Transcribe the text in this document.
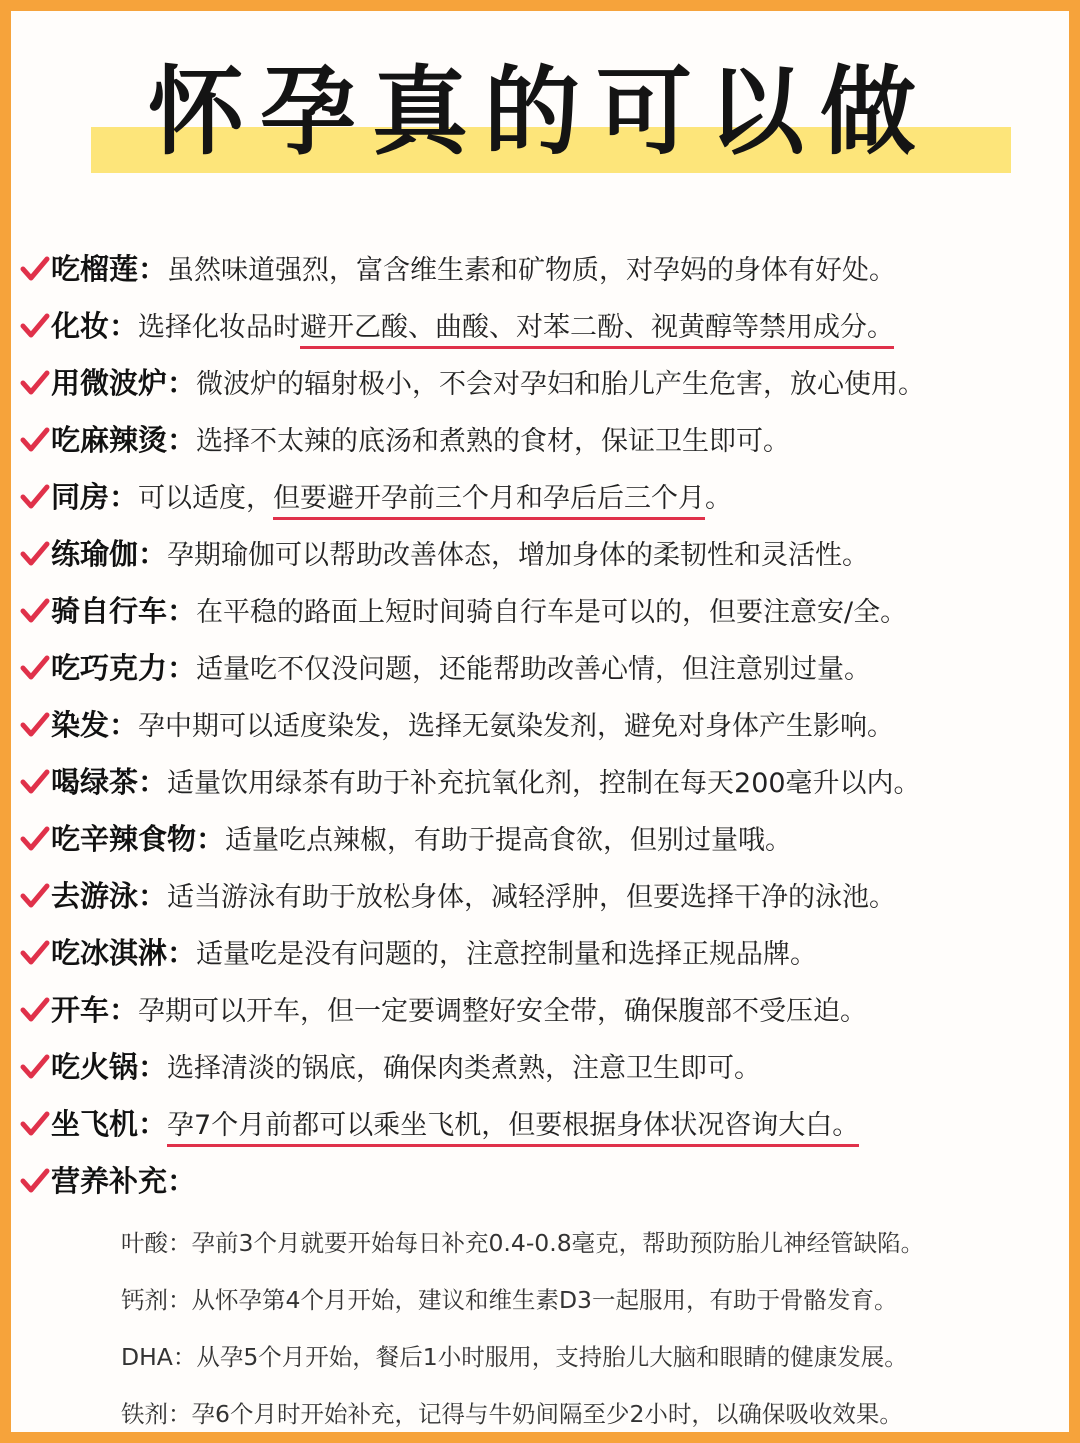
怀孕真的可以做
吃榴莲： 虽然味道强烈，富含维生素和矿物质，对孕妈的身体有好处。
化妆： 选择化妆品时避开乙酸、曲酸、对苯二酚、视黄醇等禁用成分。
用微波炉： 微波炉的辐射极小，不会对孕妇和胎儿产生危害，放心使用。
吃麻辣烫： 选择不太辣的底汤和煮熟的食材，保证卫生即可。
同房： 可以适度，但要避开孕前三个月和孕后后三个月。
练瑜伽： 孕期瑜伽可以帮助改善体态，增加身体的柔韧性和灵活性。
骑自行车： 在平稳的路面上短时间骑自行车是可以的，但要注意安/全。
吃巧克力： 适量吃不仅没问题，还能帮助改善心情，但注意别过量。
染发： 孕中期可以适度染发，选择无氨染发剂，避免对身体产生影响。
喝绿茶： 适量饮用绿茶有助于补充抗氧化剂，控制在每天200毫升以内。
吃辛辣食物： 适量吃点辣椒，有助于提高食欲，但别过量哦。
去游泳： 适当游泳有助于放松身体，减轻浮肿，但要选择干净的泳池。
吃冰淇淋： 适量吃是没有问题的，注意控制量和选择正规品牌。
开车： 孕期可以开车，但一定要调整好安全带，确保腹部不受压迫。
吃火锅： 选择清淡的锅底，确保肉类煮熟，注意卫生即可。
坐飞机： 孕7个月前都可以乘坐飞机，但要根据身体状况咨询大白。
营养补充：
叶酸：孕前3个月就要开始每日补充0.4-0.8毫克，帮助预防胎儿神经管缺陷。
钙剂：从怀孕第4个月开始，建议和维生素D3一起服用，有助于骨骼发育。
DHA：从孕5个月开始，餐后1小时服用，支持胎儿大脑和眼睛的健康发展。
铁剂：孕6个月时开始补充，记得与牛奶间隔至少2小时，以确保吸收效果。
